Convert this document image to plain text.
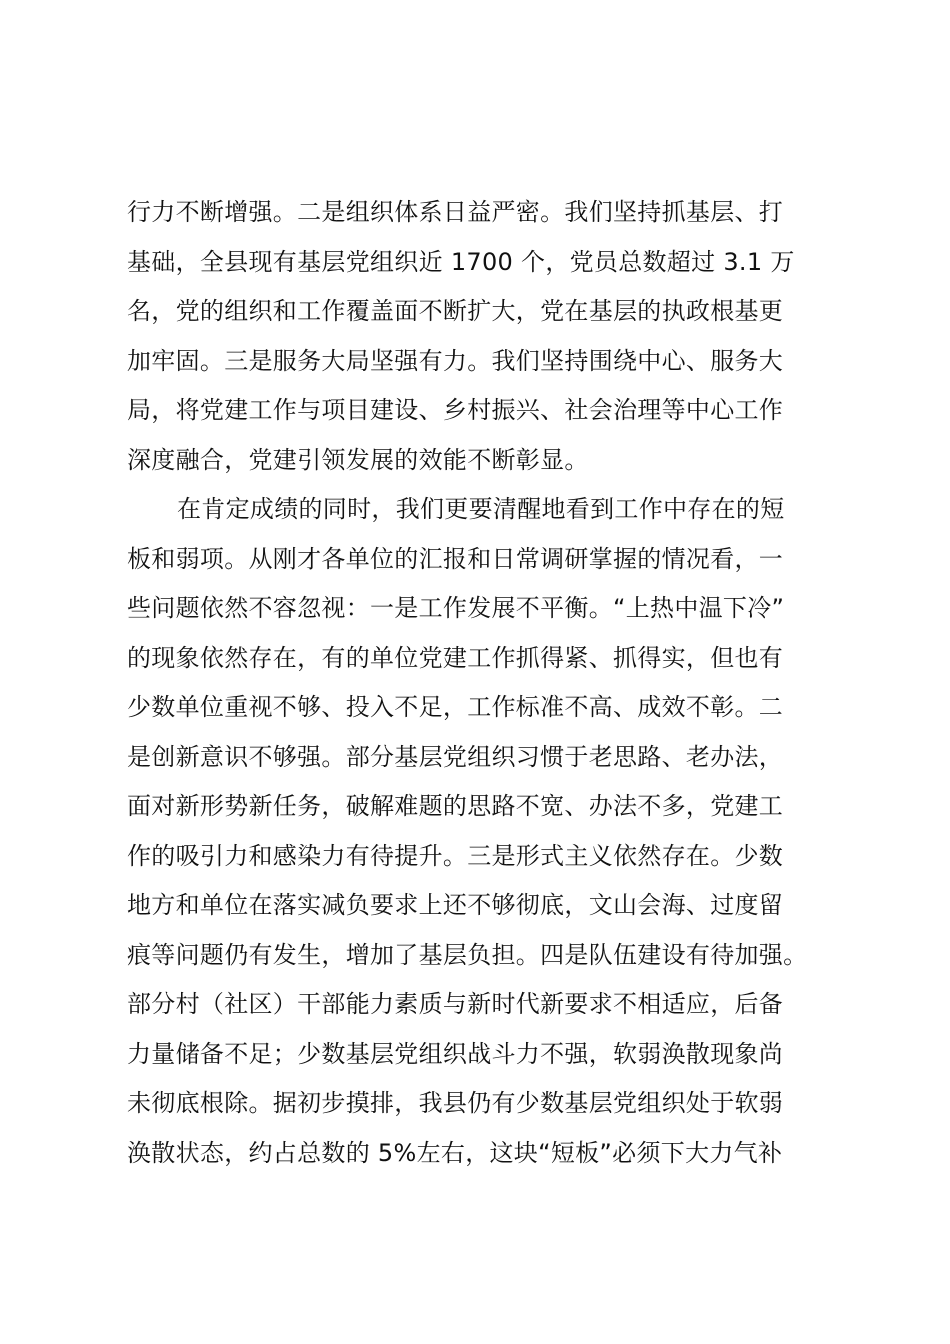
行力不断增强。二是组织体系日益严密。我们坚持抓基层、打
基础，全县现有基层党组织近 1700 个，党员总数超过 3.1 万
名，党的组织和工作覆盖面不断扩大，党在基层的执政根基更
加牢固。三是服务大局坚强有力。我们坚持围绕中心、服务大
局，将党建工作与项目建设、乡村振兴、社会治理等中心工作
深度融合，党建引领发展的效能不断彰显。
在肯定成绩的同时，我们更要清醒地看到工作中存在的短
板和弱项。从刚才各单位的汇报和日常调研掌握的情况看，一
些问题依然不容忽视：一是工作发展不平衡。“上热中温下冷”
的现象依然存在，有的单位党建工作抓得紧、抓得实，但也有
少数单位重视不够、投入不足，工作标准不高、成效不彰。二
是创新意识不够强。部分基层党组织习惯于老思路、老办法，
面对新形势新任务，破解难题的思路不宽、办法不多，党建工
作的吸引力和感染力有待提升。三是形式主义依然存在。少数
地方和单位在落实减负要求上还不够彻底，文山会海、过度留
痕等问题仍有发生，增加了基层负担。四是队伍建设有待加强。
部分村（社区）干部能力素质与新时代新要求不相适应，后备
力量储备不足；少数基层党组织战斗力不强，软弱涣散现象尚
未彻底根除。据初步摸排，我县仍有少数基层党组织处于软弱
涣散状态，约占总数的 5%左右，这块“短板”必须下大力气补
